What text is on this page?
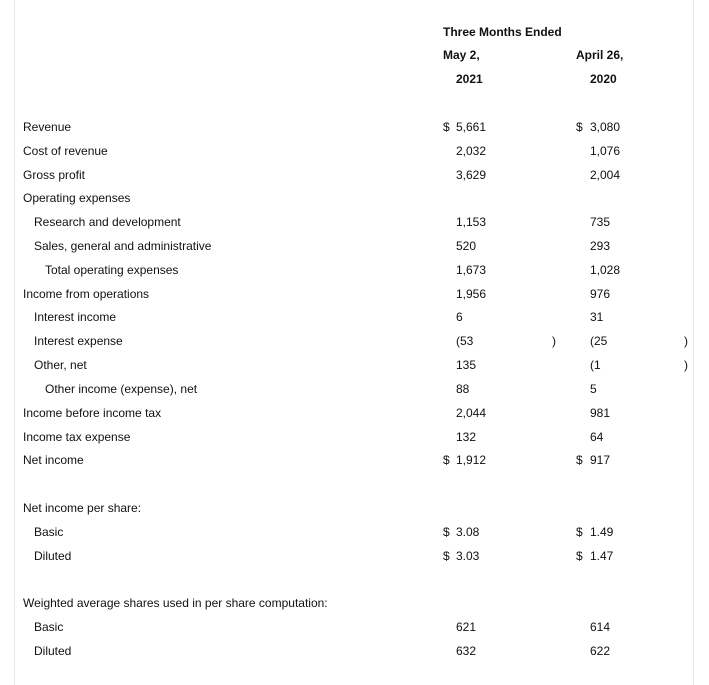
Three Months Ended
May 2,
2021
April 26,
2020
Revenue	$ 5,661	$ 3,080
Cost of revenue	2,032	1,076
Gross profit	3,629	2,004
Operating expenses
Research and development	1,153	735
Sales, general and administrative	520	293
Total operating expenses	1,673	1,028
Income from operations	1,956	976
Interest income	6	31
Interest expense	(53	)	(25	)
Other, net	135	(1	)
Other income (expense), net	88	5
Income before income tax	2,044	981
Income tax expense	132	64
Net income	$ 1,912	$ 917
Net income per share:
Basic	$ 3.08	$ 1.49
Diluted	$ 3.03	$ 1.47
Weighted average shares used in per share computation:
Basic	621	614
Diluted	632	622
